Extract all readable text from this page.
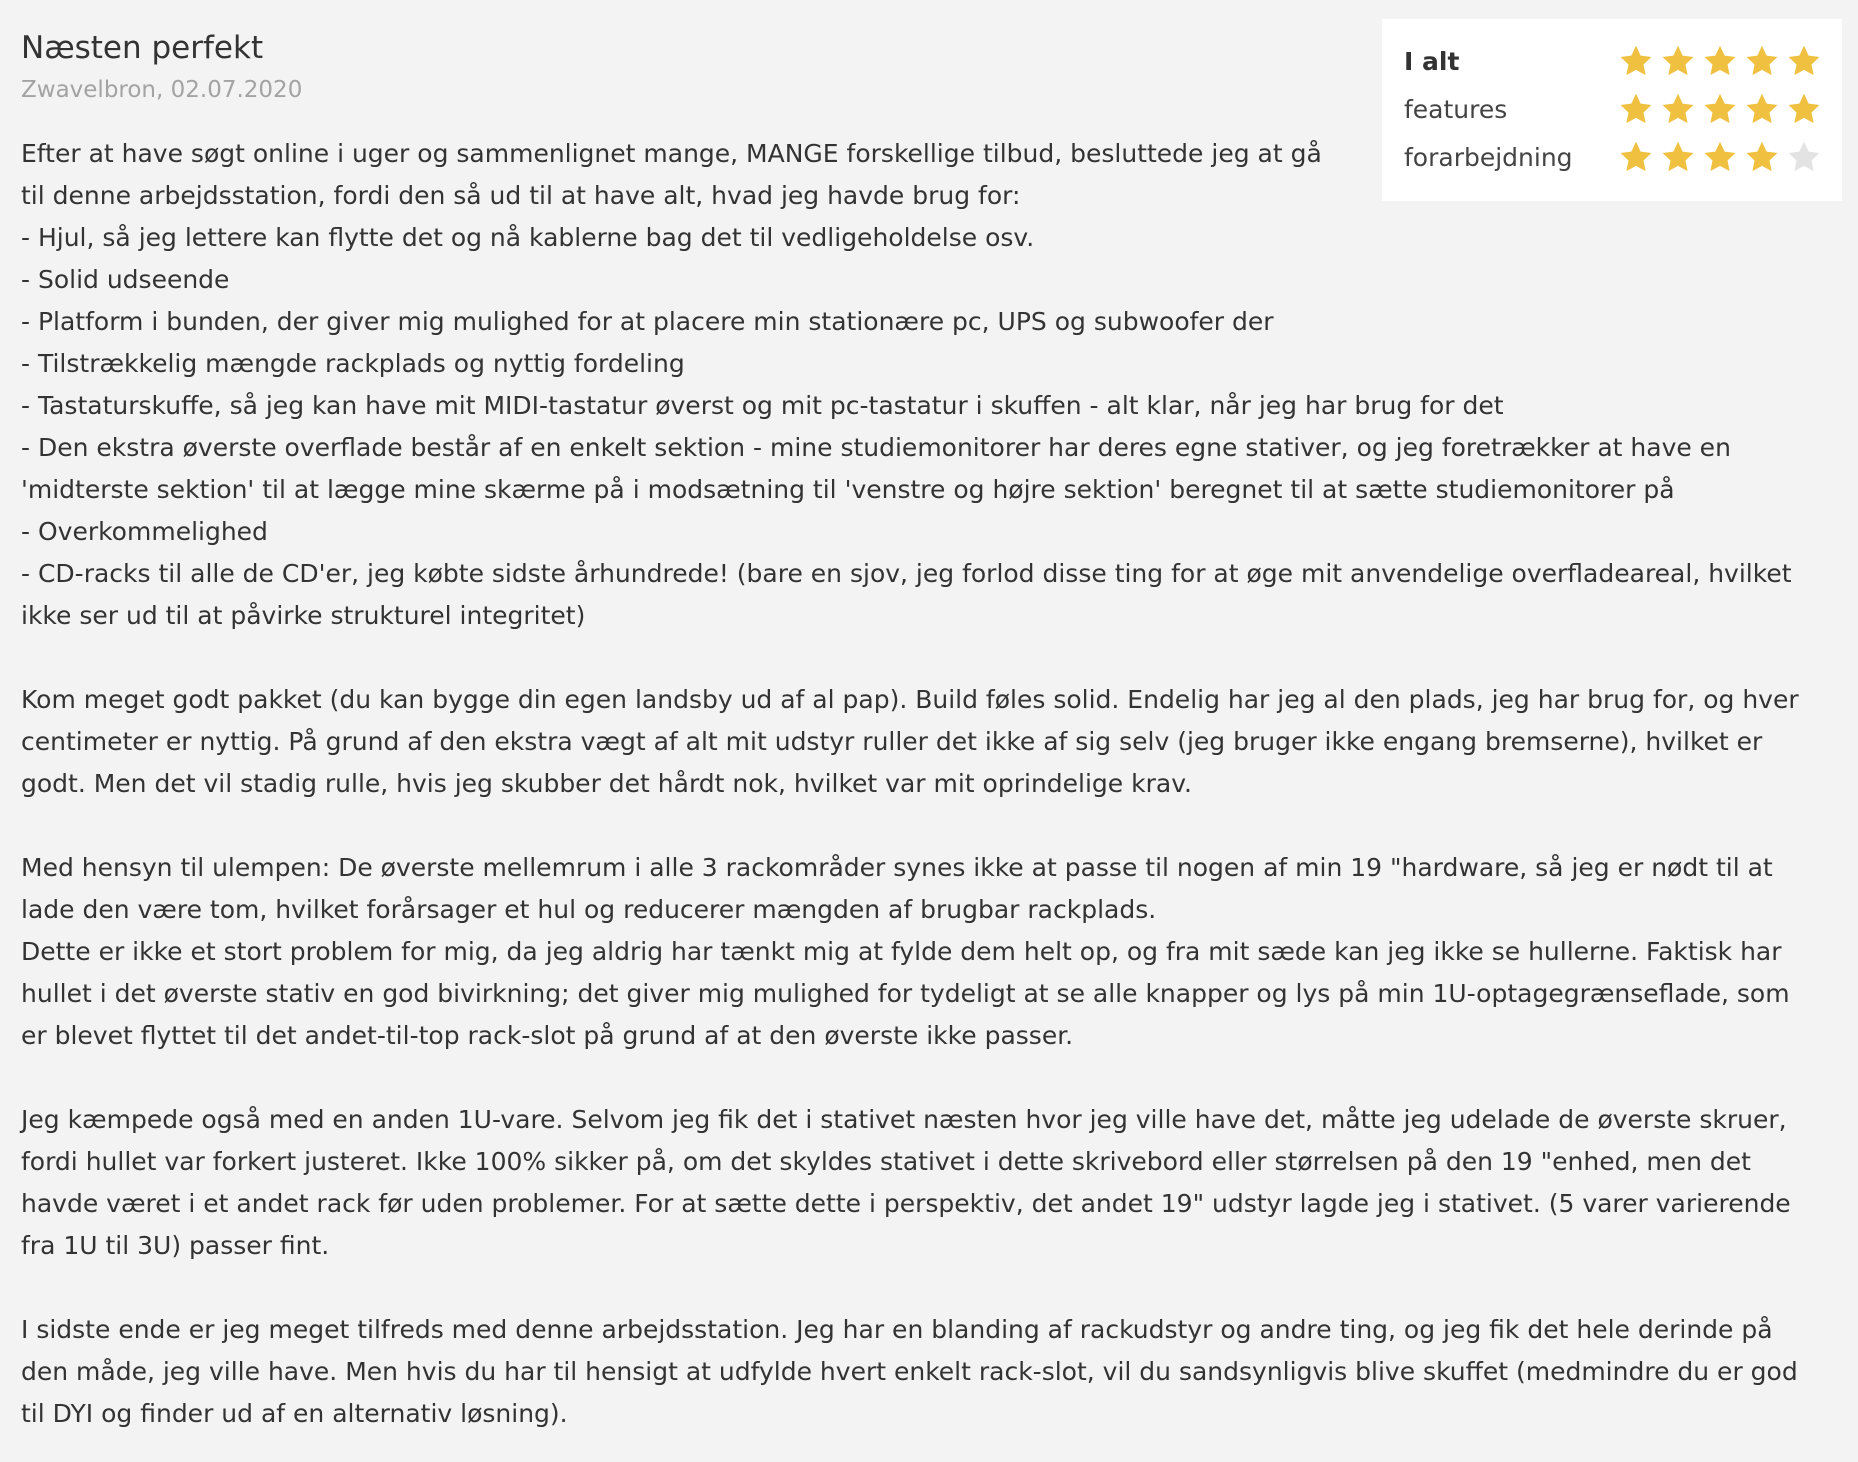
Næsten perfekt

Zwavelbron, 02.07.2020

Efter at have søgt online i uger og sammenlignet mange, MANGE forskellige tilbud, besluttede jeg at gå
til denne arbejdsstation, fordi den så ud til at have alt, hvad jeg havde brug for:
- Hjul, så jeg lettere kan flytte det og nå kablerne bag det til vedligeholdelse osv.
- Solid udseende
- Platform i bunden, der giver mig mulighed for at placere min stationære pc, UPS og subwoofer der
- Tilstrækkelig mængde rackplads og nyttig fordeling
- Tastaturskuffe, så jeg kan have mit MIDI-tastatur øverst og mit pc-tastatur i skuffen - alt klar, når jeg har brug for det
- Den ekstra øverste overflade består af en enkelt sektion - mine studiemonitorer har deres egne stativer, og jeg foretrækker at have en
'midterste sektion' til at lægge mine skærme på i modsætning til 'venstre og højre sektion' beregnet til at sætte studiemonitorer på
- Overkommelighed
- CD-racks til alle de CD'er, jeg købte sidste århundrede! (bare en sjov, jeg forlod disse ting for at øge mit anvendelige overfladeareal, hvilket
ikke ser ud til at påvirke strukturel integritet)
Kom meget godt pakket (du kan bygge din egen landsby ud af al pap). Build føles solid. Endelig har jeg al den plads, jeg har brug for, og hver
centimeter er nyttig. På grund af den ekstra vægt af alt mit udstyr ruller det ikke af sig selv (jeg bruger ikke engang bremserne), hvilket er
godt. Men det vil stadig rulle, hvis jeg skubber det hårdt nok, hvilket var mit oprindelige krav.
Med hensyn til ulempen: De øverste mellemrum i alle 3 rackområder synes ikke at passe til nogen af min 19 "hardware, så jeg er nødt til at
lade den være tom, hvilket forårsager et hul og reducerer mængden af brugbar rackplads.
Dette er ikke et stort problem for mig, da jeg aldrig har tænkt mig at fylde dem helt op, og fra mit sæde kan jeg ikke se hullerne. Faktisk har
hullet i det øverste stativ en god bivirkning; det giver mig mulighed for tydeligt at se alle knapper og lys på min 1U-optagegrænseflade, som
er blevet flyttet til det andet-til-top rack-slot på grund af at den øverste ikke passer.
Jeg kæmpede også med en anden 1U-vare. Selvom jeg fik det i stativet næsten hvor jeg ville have det, måtte jeg udelade de øverste skruer,
fordi hullet var forkert justeret. Ikke 100% sikker på, om det skyldes stativet i dette skrivebord eller størrelsen på den 19 "enhed, men det
havde været i et andet rack før uden problemer. For at sætte dette i perspektiv, det andet 19" udstyr lagde jeg i stativet. (5 varer varierende
fra 1U til 3U) passer fint.
I sidste ende er jeg meget tilfreds med denne arbejdsstation. Jeg har en blanding af rackudstyr og andre ting, og jeg fik det hele derinde på
den måde, jeg ville have. Men hvis du har til hensigt at udfylde hvert enkelt rack-slot, vil du sandsynligvis blive skuffet (medmindre du er god
til DYI og finder ud af en alternativ løsning).
I alt
features
forarbejdning
